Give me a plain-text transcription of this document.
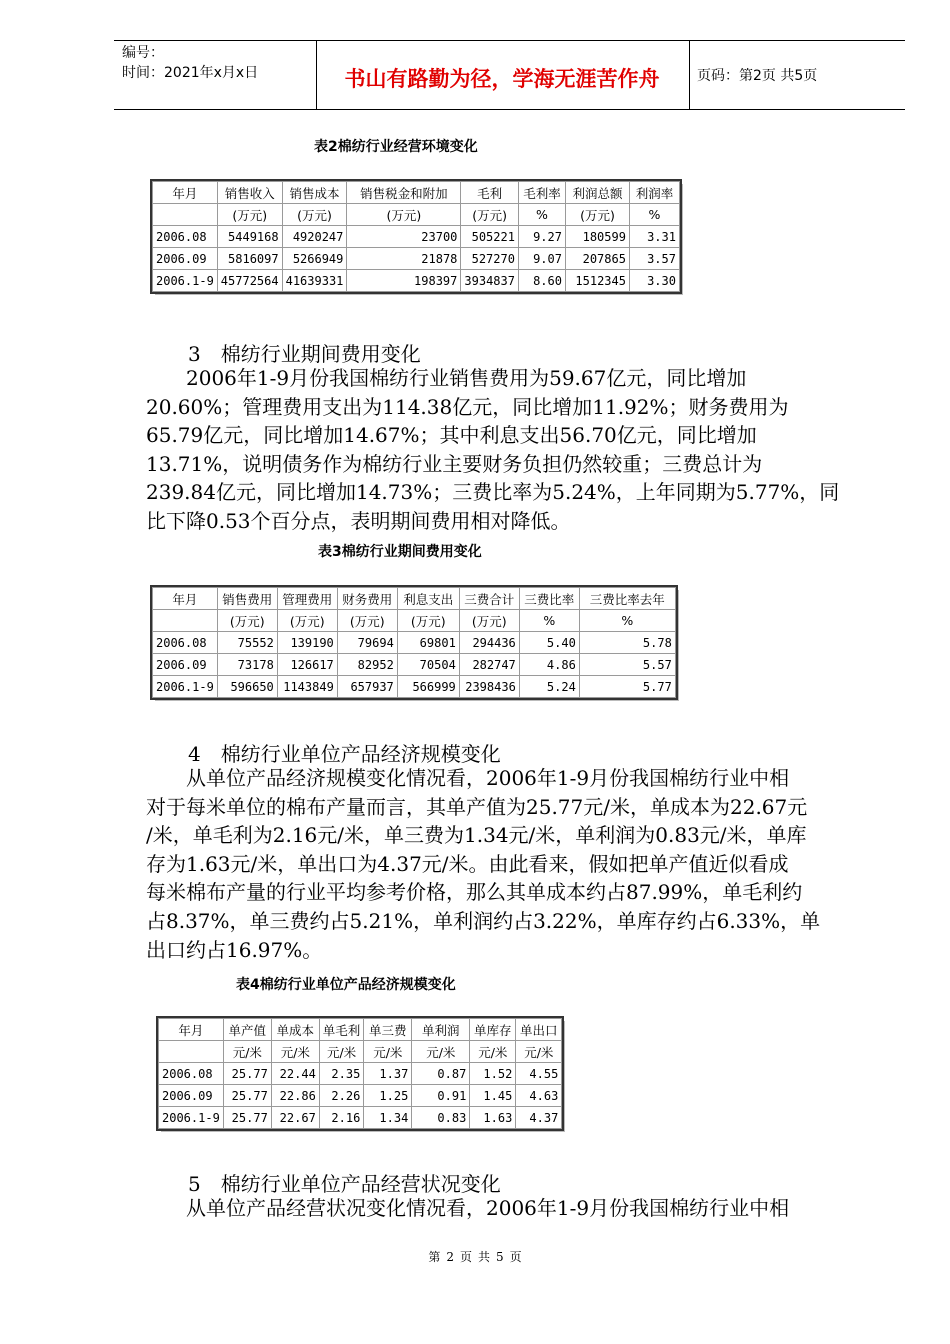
编号：
时间：2021年x月x日	书山有路勤为径，学海无涯苦作舟	页码：第2页 共5页
表2棉纺行业经营环境变化
年月	销售收入	销售成本	销售税金和附加	毛利	毛利率	利润总额	利润率
	(万元)	(万元)	(万元)	(万元)	%	(万元)	%
2006.08	5449168	4920247	23700	505221	9.27	180599	3.31
2006.09	5816097	5266949	21878	527270	9.07	207865	3.57
2006.1-9	45772564	41639331	198397	3934837	8.60	1512345	3.30
3　棉纺行业期间费用变化
　　2006年1-9月份我国棉纺行业销售费用为59.67亿元，同比增加
20.60%；管理费用支出为114.38亿元，同比增加11.92%；财务费用为
65.79亿元，同比增加14.67%；其中利息支出56.70亿元，同比增加
13.71%，说明债务作为棉纺行业主要财务负担仍然较重；三费总计为
239.84亿元，同比增加14.73%；三费比率为5.24%，上年同期为5.77%，同
比下降0.53个百分点，表明期间费用相对降低。
表3棉纺行业期间费用变化
年月	销售费用	管理费用	财务费用	利息支出	三费合计	三费比率	三费比率去年
	(万元)	(万元)	(万元)	(万元)	(万元)	%	%
2006.08	75552	139190	79694	69801	294436	5.40	5.78
2006.09	73178	126617	82952	70504	282747	4.86	5.57
2006.1-9	596650	1143849	657937	566999	2398436	5.24	5.77
4　棉纺行业单位产品经济规模变化
　　从单位产品经济规模变化情况看，2006年1-9月份我国棉纺行业中相
对于每米单位的棉布产量而言，其单产值为25.77元/米，单成本为22.67元
/米，单毛利为2.16元/米，单三费为1.34元/米，单利润为0.83元/米，单库
存为1.63元/米，单出口为4.37元/米。由此看来，假如把单产值近似看成
每米棉布产量的行业平均参考价格，那么其单成本约占87.99%，单毛利约
占8.37%，单三费约占5.21%，单利润约占3.22%，单库存约占6.33%，单
出口约占16.97%。
表4棉纺行业单位产品经济规模变化
年月	单产值	单成本	单毛利	单三费	单利润	单库存	单出口
	元/米	元/米	元/米	元/米	元/米	元/米	元/米
2006.08	25.77	22.44	2.35	1.37	0.87	1.52	4.55
2006.09	25.77	22.86	2.26	1.25	0.91	1.45	4.63
2006.1-9	25.77	22.67	2.16	1.34	0.83	1.63	4.37
5　棉纺行业单位产品经营状况变化
　　从单位产品经营状况变化情况看，2006年1-9月份我国棉纺行业中相
第 2 页 共 5 页
